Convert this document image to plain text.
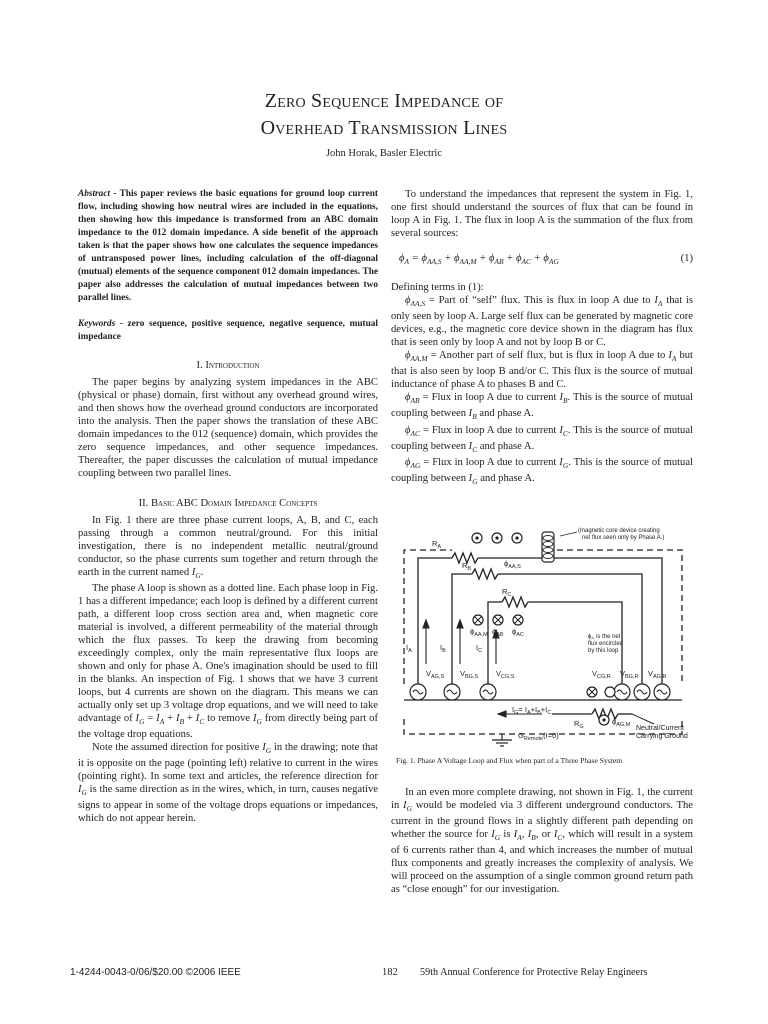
Zero Sequence Impedance of
Overhead Transmission Lines
John Horak, Basler Electric
Abstract - This paper reviews the basic equations for ground loop current flow, including showing how neutral wires are included in the equations, then showing how this impedance is transformed from an ABC domain impedance to the 012 domain impedance. A side benefit of the approach taken is that the paper shows how one calculates the sequence impedances of untransposed power lines, including calculation of the off-diagonal (mutual) elements of the sequence component 012 domain impedances. The paper also addresses the calculation of mutual impedances between two parallel lines.
Keywords - zero sequence, positive sequence, negative sequence, mutual impedance
I. Introduction
The paper begins by analyzing system impedances in the ABC (physical or phase) domain, first without any overhead ground wires, and then shows how the overhead ground conductors are incorporated into the analysis. Then the paper shows the translation of these ABC domain impedances to the 012 (sequence) domain, which provides the zero sequence impedances, and other sequence impedances. Thereafter, the paper discusses the calculation of mutual impedance coupling between two parallel lines.
II. Basic ABC Domain Impedance Concepts
In Fig. 1 there are three phase current loops, A, B, and C, each passing through a common neutral/ground. For this initial investigation, there is no independent metallic neutral/ground conductor, so the phase currents sum together and return through the earth in the current named $I_G$.
The phase A loop is shown as a dotted line. Each phase loop in Fig. 1 has a different impedance; each loop is defined by a different current path, a different loop cross section area and, when magnetic core material is involved, a different permeability of the material through which the flux passes. To keep the drawing from becoming exceedingly complex, only the main representative flux loops are shown and only for phase A. One's imagination should be used to fill in the blanks. An inspection of Fig. 1 shows that we have 3 current loops, but 4 currents are shown on the diagram. This means we can actually only set up 3 voltage drop equations, and we will need to take advantage of $I_G = I_A + I_B + I_C$ to remove $I_G$ from directly being part of the voltage drop equations.
Note the assumed direction for positive $I_G$ in the drawing; note that it is opposite on the page (pointing left) relative to current in the wires (pointing right). In some text and articles, the reference direction for $I_G$ is the same direction as in the wires, which, in turn, causes negative signs to appear in some of the voltage drops equations or impedances, which do not appear herein.
To understand the impedances that represent the system in Fig. 1, one first should understand the sources of flux that can be found in loop A in Fig. 1. The flux in loop A is the summation of the flux from several sources:
$\phi_A = \phi_{AA,S} + \phi_{AA,M} + \phi_{AB} + \phi_{AC} + \phi_{AG}$	(1)
Defining terms in (1):
$\phi_{AA,S}$ = Part of “self” flux. This is flux in loop A due to $I_A$ that is only seen by loop A. Large self flux can be generated by magnetic core devices, e.g., the magnetic core device shown in the diagram has flux that is seen only by loop A and not by loop B or C.
$\phi_{AA,M}$ = Another part of self flux, but is flux in loop A due to $I_A$ but that is also seen by loop B and/or C. This flux is the source of mutual inductance of phase A to phases B and C.
$\phi_{AB}$ = Flux in loop A due to current $I_B$. This is the source of mutual coupling between $I_B$ and phase A.
$\phi_{AC}$ = Flux in loop A due to current $I_C$. This is the source of mutual coupling between $I_C$ and phase A.
$\phi_{AG}$ = Flux in loop A due to current $I_G$. This is the source of mutual coupling between $I_G$ and phase A.
$R_A$
$R_B$
$R_C$
$\phi_{AA,S}$
$\phi_{AA,M}$ $\phi_{AB}$ $\phi_{AC}$
$I_A$	$I_B$	$I_C$
$V_{AG,S}$ $V_{BG,S}$ $V_{CG,S}$	$V_{CG,R}$ $V_{BG,R}$ $V_{AG,R}$
$I_G= I_A+I_B+I_C$
$R_G$
$\phi_{AG,M}$
$G_{Remote}(I=0)$
(magnetic core device creating
net flux seen only by Phase A.)
$\phi_A$ is the net
flux encircled
by this loop
Neutral/Current
Carrying Ground
Fig. 1. Phase A Voltage Loop and Flux when part of a Three Phase System
In an even more complete drawing, not shown in Fig. 1, the current in $I_G$ would be modeled via 3 different underground conductors. The current in the ground flows in a slightly different path depending on whether the source for $I_G$ is $I_A$, $I_B$, or $I_C$, which will result in a system of 6 currents rather than 4, and which increases the number of mutual flux components and greatly increases the complexity of analysis. We will proceed on the assumption of a single common ground return path as “close enough” for our investigation.
1-4244-0043-0/06/$20.00 ©2006 IEEE	182 59th Annual Conference for Protective Relay Engineers
